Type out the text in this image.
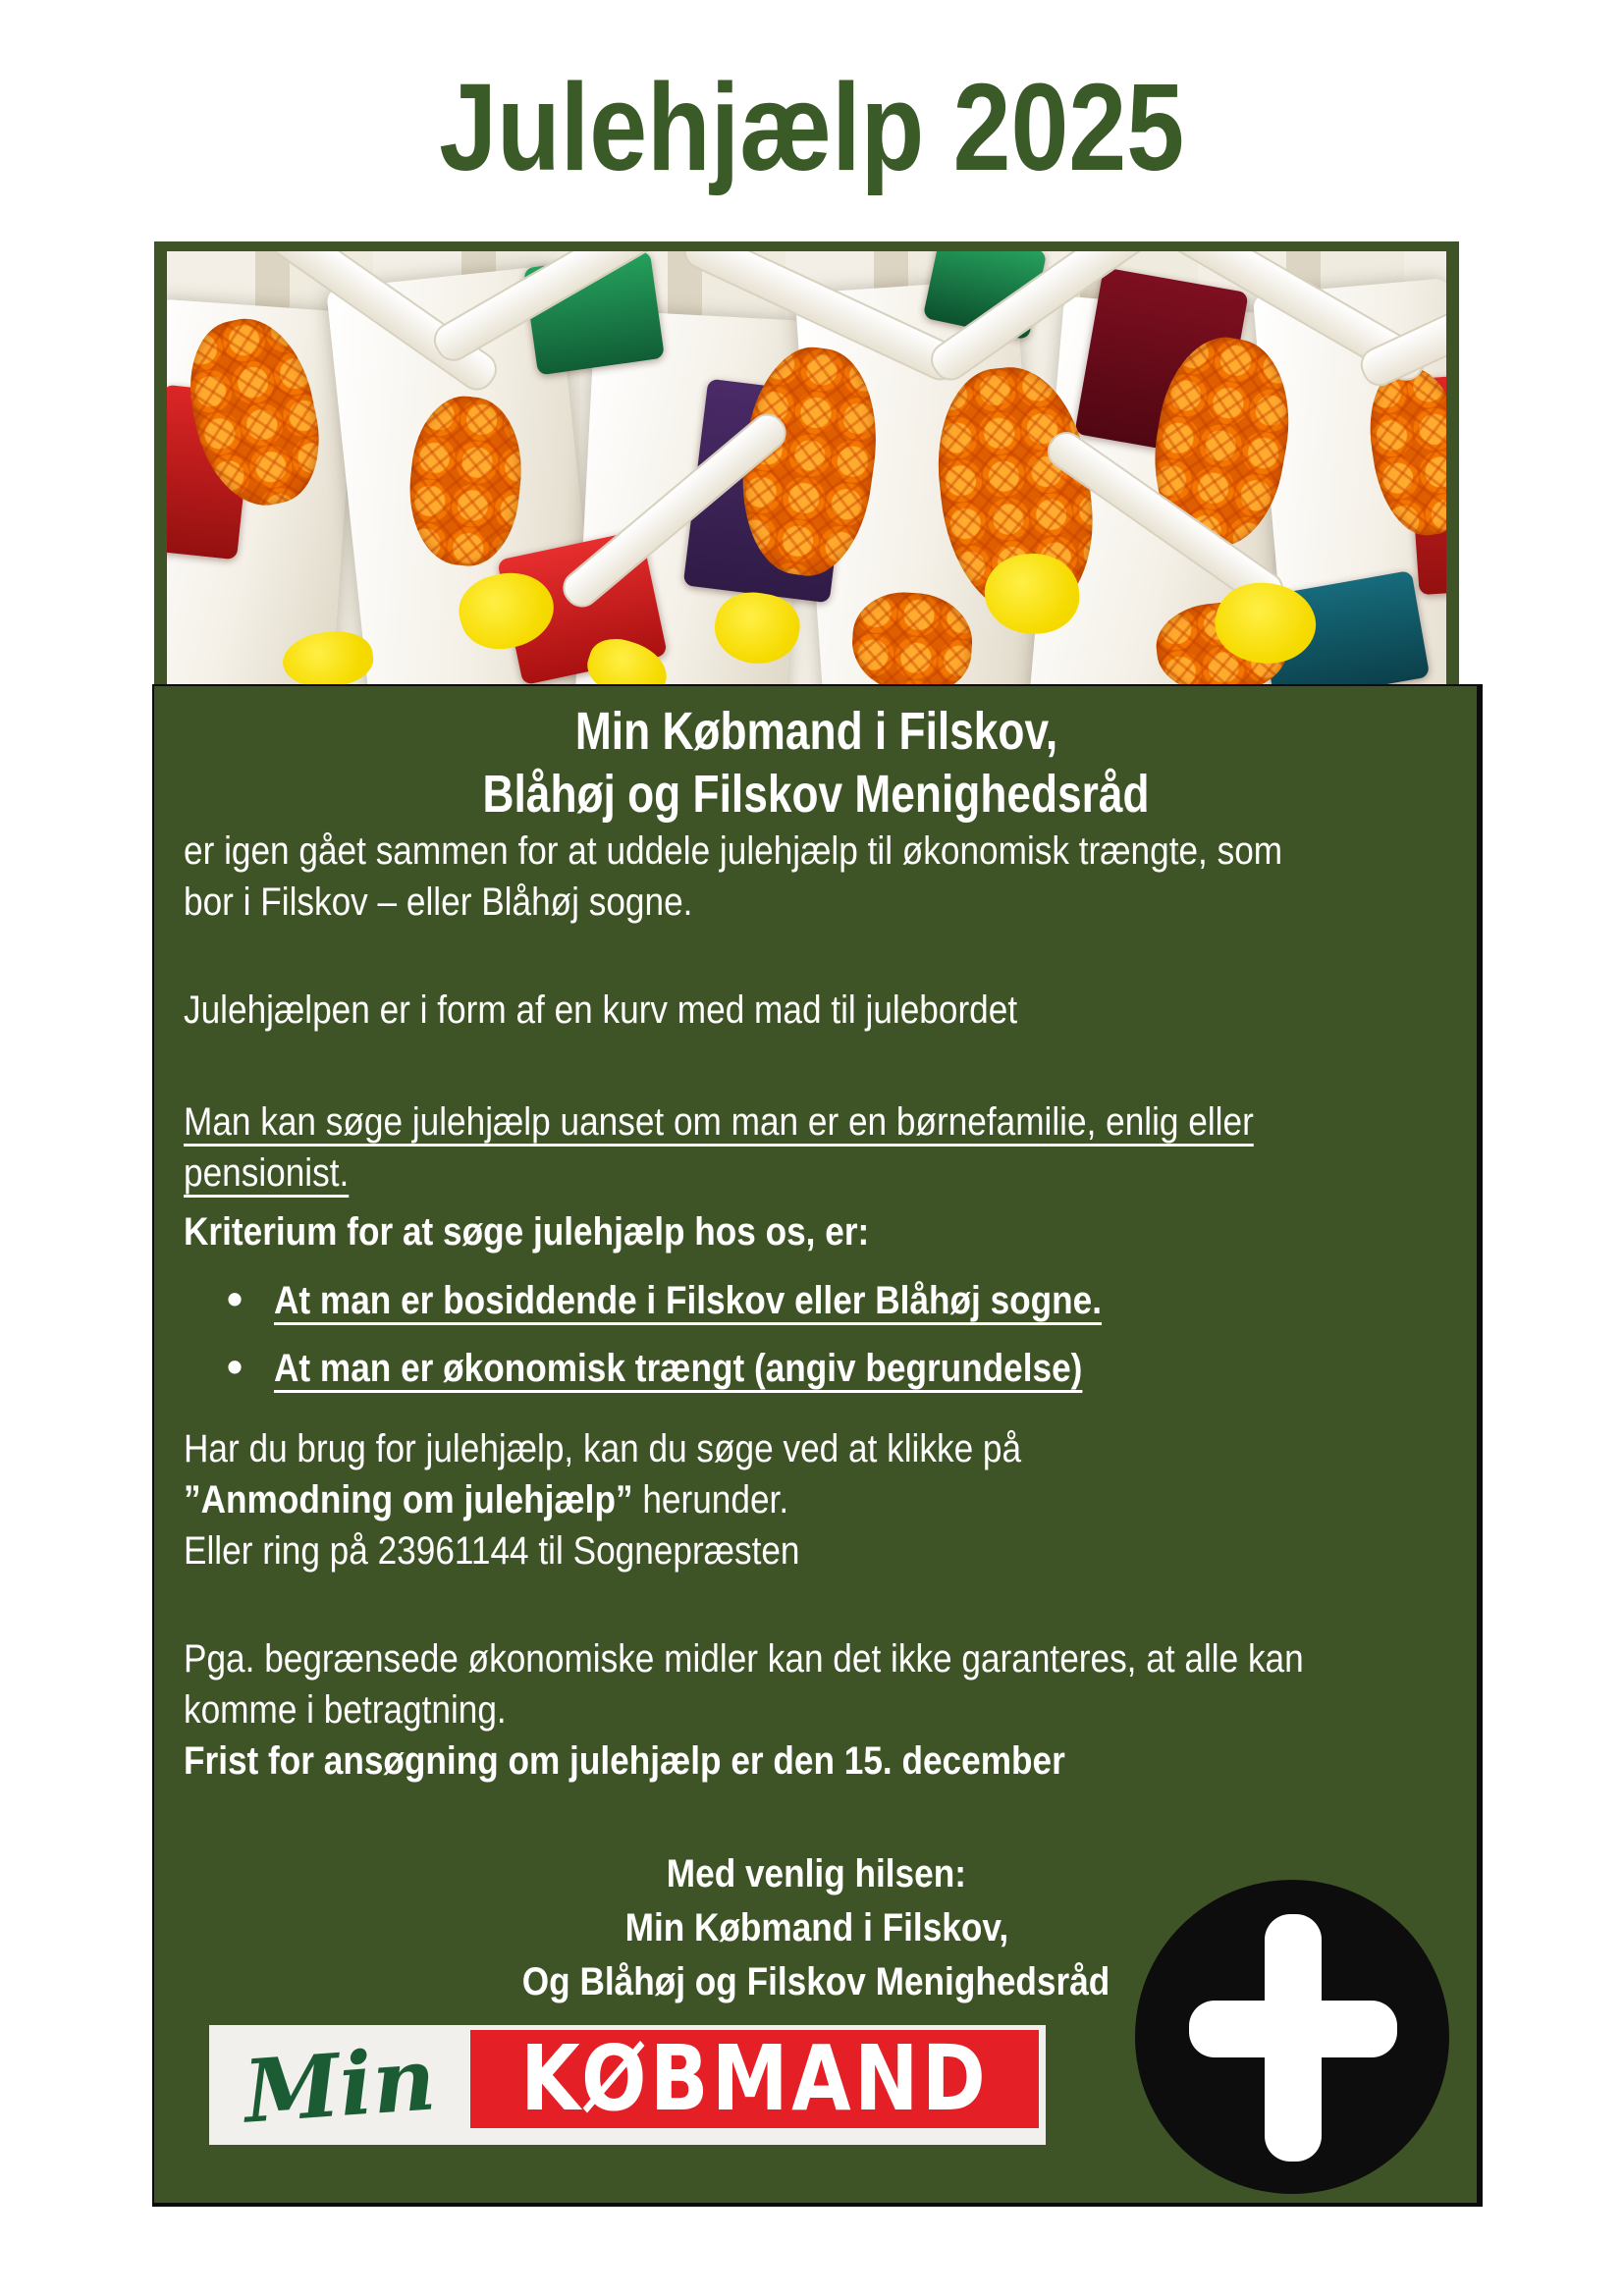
Julehjælp 2025
Min Købmand i Filskov,
Blåhøj og Filskov Menighedsråd
er igen gået sammen for at uddele julehjælp til økonomisk trængte, som
bor i Filskov – eller Blåhøj sogne.
Julehjælpen er i form af en kurv med mad til julebordet
Man kan søge julehjælp uanset om man er en børnefamilie, enlig eller
pensionist.
Kriterium for at søge julehjælp hos os, er:
• At man er bosiddende i Filskov eller Blåhøj sogne.
• At man er økonomisk trængt (angiv begrundelse)
Har du brug for julehjælp, kan du søge ved at klikke på
”Anmodning om julehjælp” herunder.
Eller ring på 23961144 til Sognepræsten
Pga. begrænsede økonomiske midler kan det ikke garanteres, at alle kan
komme i betragtning.
Frist for ansøgning om julehjælp er den 15. december
Med venlig hilsen:
Min Købmand i Filskov,
Og Blåhøj og Filskov Menighedsråd
Min KØBMAND
